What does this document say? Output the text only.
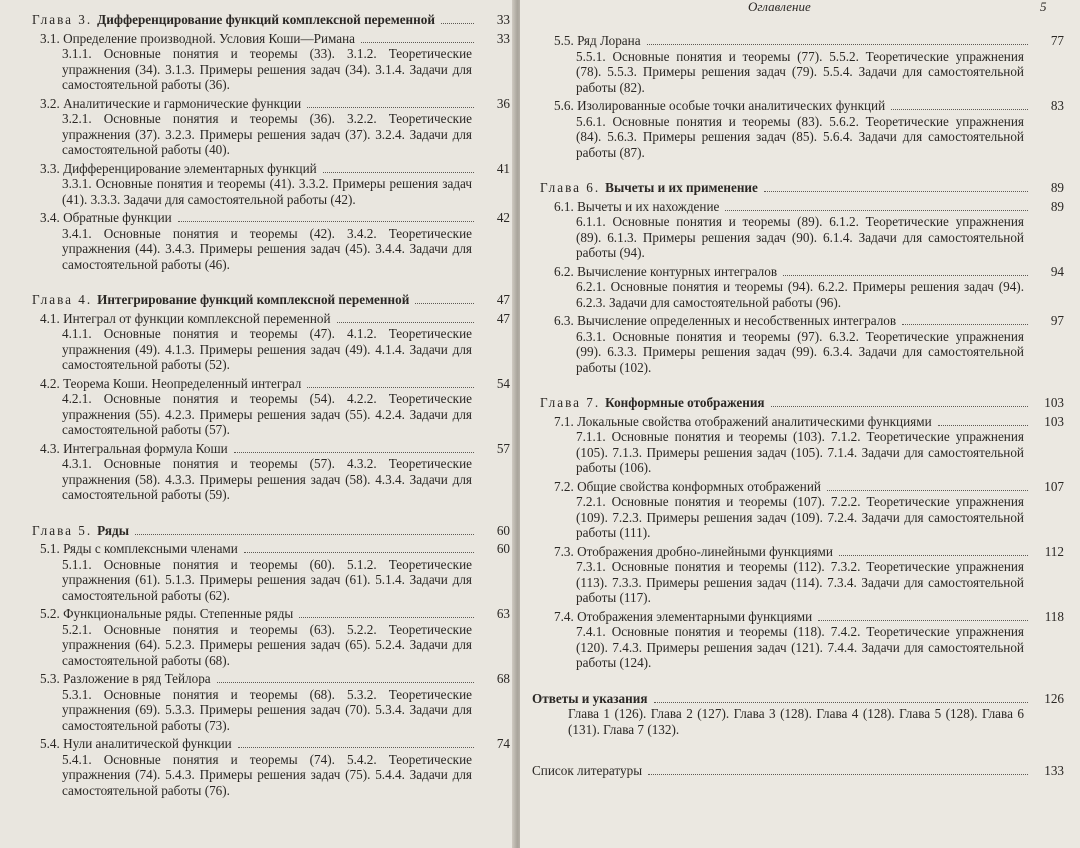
Глава 3. Дифференцирование функций комплексной переменной	33
3.1. Определение производной. Условия Коши—Римана	33
3.1.1. Основные понятия и теоремы (33). 3.1.2. Теоретические упражнения (34). 3.1.3. Примеры решения задач (34). 3.1.4. Задачи для самостоятельной работы (36).
3.2. Аналитические и гармонические функции	36
3.2.1. Основные понятия и теоремы (36). 3.2.2. Теоретические упражнения (37). 3.2.3. Примеры решения задач (37). 3.2.4. Задачи для самостоятельной работы (40).
3.3. Дифференцирование элементарных функций	41
3.3.1. Основные понятия и теоремы (41). 3.3.2. Примеры решения задач (41). 3.3.3. Задачи для самостоятельной работы (42).
3.4. Обратные функции	42
3.4.1. Основные понятия и теоремы (42). 3.4.2. Теоретические упражнения (44). 3.4.3. Примеры решения задач (45). 3.4.4. Задачи для самостоятельной работы (46).
Глава 4. Интегрирование функций комплексной переменной	47
4.1. Интеграл от функции комплексной переменной	47
4.1.1. Основные понятия и теоремы (47). 4.1.2. Теоретические упражнения (49). 4.1.3. Примеры решения задач (49). 4.1.4. Задачи для самостоятельной работы (52).
4.2. Теорема Коши. Неопределенный интеграл	54
4.2.1. Основные понятия и теоремы (54). 4.2.2. Теоретические упражнения (55). 4.2.3. Примеры решения задач (55). 4.2.4. Задачи для самостоятельной работы (57).
4.3. Интегральная формула Коши	57
4.3.1. Основные понятия и теоремы (57). 4.3.2. Теоретические упражнения (58). 4.3.3. Примеры решения задач (58). 4.3.4. Задачи для самостоятельной работы (59).
Глава 5. Ряды	60
5.1. Ряды с комплексными членами	60
5.1.1. Основные понятия и теоремы (60). 5.1.2. Теоретические упражнения (61). 5.1.3. Примеры решения задач (61). 5.1.4. Задачи для самостоятельной работы (62).
5.2. Функциональные ряды. Степенные ряды	63
5.2.1. Основные понятия и теоремы (63). 5.2.2. Теоретические упражнения (64). 5.2.3. Примеры решения задач (65). 5.2.4. Задачи для самостоятельной работы (68).
5.3. Разложение в ряд Тейлора	68
5.3.1. Основные понятия и теоремы (68). 5.3.2. Теоретические упражнения (69). 5.3.3. Примеры решения задач (70). 5.3.4. Задачи для самостоятельной работы (73).
5.4. Нули аналитической функции	74
5.4.1. Основные понятия и теоремы (74). 5.4.2. Теоретические упражнения (74). 5.4.3. Примеры решения задач (75). 5.4.4. Задачи для самостоятельной работы (76).
Оглавление	5
5.5. Ряд Лорана	77
5.5.1. Основные понятия и теоремы (77). 5.5.2. Теоретические упражнения (78). 5.5.3. Примеры решения задач (79). 5.5.4. Задачи для самостоятельной работы (82).
5.6. Изолированные особые точки аналитических функций	83
5.6.1. Основные понятия и теоремы (83). 5.6.2. Теоретические упражнения (84). 5.6.3. Примеры решения задач (85). 5.6.4. Задачи для самостоятельной работы (87).
Глава 6. Вычеты и их применение	89
6.1. Вычеты и их нахождение	89
6.1.1. Основные понятия и теоремы (89). 6.1.2. Теоретические упражнения (89). 6.1.3. Примеры решения задач (90). 6.1.4. Задачи для самостоятельной работы (94).
6.2. Вычисление контурных интегралов	94
6.2.1. Основные понятия и теоремы (94). 6.2.2. Примеры решения задач (94). 6.2.3. Задачи для самостоятельной работы (96).
6.3. Вычисление определенных и несобственных интегралов	97
6.3.1. Основные понятия и теоремы (97). 6.3.2. Теоретические упражнения (99). 6.3.3. Примеры решения задач (99). 6.3.4. Задачи для самостоятельной работы (102).
Глава 7. Конформные отображения	103
7.1. Локальные свойства отображений аналитическими функциями	103
7.1.1. Основные понятия и теоремы (103). 7.1.2. Теоретические упражнения (105). 7.1.3. Примеры решения задач (105). 7.1.4. Задачи для самостоятельной работы (106).
7.2. Общие свойства конформных отображений	107
7.2.1. Основные понятия и теоремы (107). 7.2.2. Теоретические упражнения (109). 7.2.3. Примеры решения задач (109). 7.2.4. Задачи для самостоятельной работы (111).
7.3. Отображения дробно-линейными функциями	112
7.3.1. Основные понятия и теоремы (112). 7.3.2. Теоретические упражнения (113). 7.3.3. Примеры решения задач (114). 7.3.4. Задачи для самостоятельной работы (117).
7.4. Отображения элементарными функциями	118
7.4.1. Основные понятия и теоремы (118). 7.4.2. Теоретические упражнения (120). 7.4.3. Примеры решения задач (121). 7.4.4. Задачи для самостоятельной работы (124).
Ответы и указания	126
Глава 1 (126). Глава 2 (127). Глава 3 (128). Глава 4 (128). Глава 5 (128). Глава 6 (131). Глава 7 (132).
Список литературы	133
